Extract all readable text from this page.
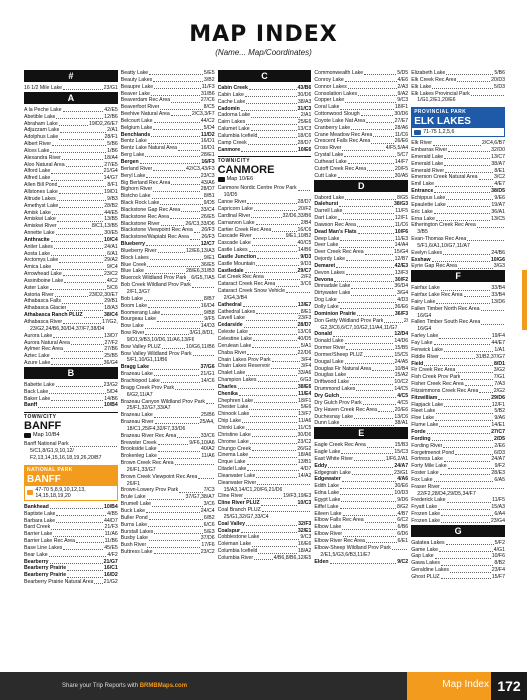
MAP INDEX
(Name... Map/Coordinates)
#
16 1/2 Mile Lake	23/G1
A
A la Peche Lake	42/E5
Abetible Lake	12/B6
Abraham Lake	19/D2,26/E7
Adjuzzam Lake	2/A1
Adolphus Lake	28/F1
Albert River	5/B6
Alces Lake	1/B6
Alexandra River	18/A4
Aloo Natural Area	27/E5
Alford Lake	21/G4
Alfred Lake	14/G7
Allen Bill Pond	8/F1
Allstones Lake	19/D1
Altrude Lakes	9/B3
Amethyst Lake	28/B2
Amisk Lake	44/E5
Amiskwi Lake	13/B5
Amiskwi River	8/C1,13/B5
Annette Lake	30/E5
Anthracite	10/C4
Antler Lakes	24/A1
Aosta Lake	6/A1
Arctomys Lake	29/A2
Amica Lake	9/C4
Arrowhead Lake	23/C2
Assiniboine Lake	4/C2
Aster Lake	5/C6
Astoria River	23/D2,30/E7
Athabasca Falls	29/B1
Athabasca Glacier	18/A3
Athabasca Ranch PLUZ	38/C4
Athabasca River	17/G2,
23/G2,24/B6,30/D4,37/F7,38/D4
Aurora Lake	13/D7
Aurora Natural Area	27/F2
Aylmer Rec Area	27/B6
Aztec Lake	25/B5
Azure Lake	36/G4
B
Babette Lake	23/G2
Back Lake	5/D4
Baker Lake	14/B6
Banff	10/B4
TOWN/CITY
BANFF
Map 10/B4
Banff National Park
5/C1,8/G1,9,10,12/
F2,13,14,15,16,18,19,26,20/B7
NATIONAL PARK
BANFF
47-70 5,8,9,10,12,13, 14,15,18,19,20
Bankhead	10/B4
Baptiste Lake	4/B5
Barbara Lake	44/D7
Bard Creek	21/F3
Barrier Lake	11/A6
Barrier Lake Rec Area	11/B6
Base Line Lakes	45/E5
Bear Lake	4/F2
Bearberry	21/G7
Bearberry Prairie	16/C1
Bearberry Prairie	16/D2
Bearberry Prairie Natural Area 21/G2
Beatty Lake	5/E5
Beauty Lakes	3/B2
Beaupre Lake	11/F3
Beaver Lake	31/B6
Beaverdam Rec Area	27/C6
Beaverfoot River	8/C5
Beehive Natural Area	2/C3,3/F7
Belcourt Lake	44/C2
Belgium Lake	5/D4
Benchlands	11/D2
Bentz Lake	16/D1
Bentz Lake Natural Area	16/D1
Berg Lake	28/E1
Bergen	16/F3
Berland River	42/C3,43/F3
Beryl Lake	23/C3
Big Berland Rec Area	43/A6
Bighorn River	28/D7
Bistcho Lake	8/B1
Black Rock Lake	9/D5
Blackstone Gap Rec Area	33/C4
Blackstone Rec Area	26/E5
Blackstone River	26/C3,33/D6
Blackstone Viewpoint Rec Area 26/F3
Blackstone/Wapiabi Rec Area 26/F3
Blueberry	12/C7
Blueberry River	12/E6,13/A3
Block Lakes	9/E1
Blue Creek	36/E5
Blue Lake	28/E6,31/B3
Bluerock Wildland Prov Park 6/G5,7/A5
Bob Creek Wildland Prov Park
2/F1,3/G7
Bob Lake	8/B7
Boom Lake	16/D4
Boomerang Lake	9/B8
Bourgeau Lake	9/F5
Bow Lake	14/D3
Bow River	3/G1,8/D1,
9/D1,9/B3,10/D6,11/A6,13/F6
Bow Valley PLUZ	10/G6,11/B6
Bow Valley Wildland Prov Park
5/F1,10/G1,11/B6
Bragg Lake	37/G6
Brazeau Lake	21/G1
Brachiopod Lake	14/C6
Bragg Creek Prov Park
6/G2,11/A7
Brazeau Canyon Wildland Prov Park
25/F1,32/G7,33/A7
Brazeau Lake	25/B6
Brazeau River	25/A4,
18/C1,25/F4,32/F7,33/D6
Brazeau River Rec Area	33/C6
Brewster Creek	9/F6,10/A6
Brookside Lake	40/A2
Brokenleg Lake	11/A6
Brown Creek Rec Area
26/F1,33/G7
Brown Creek Viewpoint Rec Area
26/F1
Brown-Lowery Prov Park	7/C3
Brule Lake	37/G7,38/A7
Brumell Lake	3/C6
Buck Lake	24/C4
Buller Pond	6/B2
Burns Lake	6/C6
Burstall Lakes	5/E3
Busby Lake	37/D6
Bush River	17/F6
Buttress Lake	23/C2
C
Cabin Creek	43/B6
Cabin Lake	30/D6
Cache Lake	38/A3
Cadomin	31/C3
Cadorna Lake	2/A1
Cairn Lakes	25/E6
Calumet Lake	13/C3
Calumbia Icefield	18/C6
Camp Creek	28/D7
Canmore	10/E6
TOWN/CITY
CANMORE
Map 10/E6
Canmore Nordic Centre Prov Park
10/D5
Canoe River	28/D7
Capricorn Lake	20/F2
Cardinal River	32/D6,33/B6
Carnarvon Lake	2/B4
Cartier Creek Rec Area	16/C6
Cascade River	9/E1,10/B2
Cascade Lake	40/C5
Castle Lakes	14/B6
Castle Junction	9/D3
Castle Mountain	9/D3
Castledale	29/C7
Cat Creek Rec Area	2/F2
Cataract Creek Rec Area	3/C6
Cataract Creek Snow Vehicle
2/G4,3/B4
Cathedral	13/E7
Cathedral Lakes	8/E1
Cavell Lake	23/F3
Cedarside	28/D7
Celeste Lake	13/C6
Celestine Lake	40/D5
Cerulean Lake	5/A1
Chaba River	22/D6
Chain Lakes Prov Park	3/F4
Chain Lakes Reservoir	3/F4
Chalet Lake	33/A6
Champion Lakes	6/G3
Charles	38/E6
Chenika	11/E4
Chephren Lake	18/F1
Chester Lake	5/E6
Chinook Lake	13/F7
Chip Lake	11/A6
Chinki Lake	11/C5
Christine Lake	30/D6
Chrome Lake	23/C2
Chungo Creek	26/G2
Cinema Lake	18/A6
Cirque Lake	13/B1
Citadel Lake	4/D7
Clearwater Lake	14/A2
Clearwater River
15/A3,14/C1,20/F6,21/D6
Cline River	19/F3,19/E3
Cline River PLUZ	10/C3
Coal Branch PLUZ
25/G1,32/G7,33/C4
Coal Valley	32/F3
Coalspur	32/E1
Cobblestone Lake	9/C3
Coleman Lake	16/E6
Columbia Icefield	18/A2
Columbia River	4/B6,8/B6,12/E5
Commonwealth Lake	5/D5
Conroy Lake	4/E6
Connor Lakes	2/A3
Consolation Lakes	9/A2
Copper Lake	9/C3
Coral Lake	18/F1
Cottonwood Slough	30/D6
Coyote Lake Nat Area	27/E7
Cranberry Lake	28/A6
Crane Meadow Rec Area	11/C6
Crescent Falls Rec Area	26/E6
Cross River	4/F5,5/A4
Crystal Lake	5/C7
Cuthead Lake	14/F7
Cutoff Creek Rec Area	20/F5
Cutt Lake	30/A5
D
Dabord Lake	8/G5
Dalehurst	38/G3
Darrell Lake	11/F5
Dart Lake	12/F1
Dawson Rec Area	11/C6
Dead Man's Flats	10/F6
Deep Lake	11/E3
Deer Lake	14/A4
Deer Creek Rec Area	15/G4
Dejordy Lake	12/B7
Demaret	42/E3
Devon Lakes	13/F3
Devona	30/F2
Dinnadale Lake	36/D4
Dirtywater Lake	3/G4
Dog Lake	4/D3
Dolly Lake	36/E6
Dominion Prairie	36/F3
Don Getty Wildland Prov Park	2/
G2,3/C6,6/C7,10/G2,11/A4,11/G7
Donald	12/D4
Donald Lake	14/D6
Dormer River	15/B5
Dormer/Sheep PLUZ	15/C5
Dougal Lake	24/A5
Douglas Fir Natural Area	10/B4
Douglas Lake	15/A2
Driftwood Lake	10/C2
Drummond Lakes	14/C5
Dry Gulch	4/C5
Dry Gulch Prov Park	4/C5
Dry Haven Creek Rec Area	20/E6
Duchesnay Lake	13/C6
Dunn Lake	38/A1
E
Eagle Creek Rec Area	15/B3
Eagle Lake	15/C3
East White River	1/F6,2/A1
Eddy	24/A7
Edgegrain Lake	23/G1
Edgewater	4/A6
Edith Lake	30/E6
Edna Lake	10/D3
Egypt Lake	9/D6
Eiffel Lake	8/G2
Eileen Lake	4/B7
Elbow Falls Rec Area	6/C2
Elbow Lake	6/B6
Elbow River	6/D6
Elbow River Rec Area	6/E1
Elbow-Sheep Wildland Prov Park
2/E1,5/G3,6/B3,11/E7
Elden	9/C2
Elizabeth Lake	5/B6
Elk Creek Rec Area	20/D3
Elk Lake	5/D3
Elk Lakes Provincial Park
1/G1,2/E1,20/E6
PROVINCIAL PARK
ELK LAKES
71-75 1,2,5,6
Elk River	2/C4,6/B7
Embarras River	32/D0
Emerald Lake	13/C7
Emerald Lake	38/A7
Emerald River	8/E1
Emerson Creek Natural Area	3/C2
Emil Lake	4/E7
Entrance	38/D5
Echippus Lake	9/E6
Epaulette Lake	19/A7
Eric Lake	36/A1
Erna Lake	13/C5
Etherington Creek Rec Area
3/B5
Evan-Thomas Rec Area
5/F1,6/A1,10/G7,11/A7
Evelyn Lakes	24/B6
Exshaw	10/G6
Eyrie Gap Rec Area	3/G3
F
Fairfax Lake	33/B4
Fairfax Lake Rec Area	33/B4
Fairy Lake	13/D6
Fallen Timber North Rec Area
16/G4
Fallen Timber South Rec Area
16/G4
Farley Lake	19/F4
Fay Lake	44/E7
Fenwick Lake	1/A1
Fiddle River	31/B2,37/G7
Field	8/D1
Fir Creek Rec Area	3/G2
Fish Creek Prov Park	7/G1
Fisher Creek Rec Area	7/A3
Fitzsimmons Creek Rec Area	2/G2
Fitzwilliam	29/D6
Flapjack Lake	12/F1
Fleet Lake	5/B2
Floe Lake	9/A6
Flume Lake	14/E1
Forde	27/C7
Fording	2/D5
Fording River	2/E6
Forgetmenot Pond	6/D3
Fortress Lake	24/A7
Forty Mile Lake	9/F2
Foster Lake	28/E3
Fox Lake	6/A5
Fraser River
22/F2,28/D4,29/D5,34/F7
Frederick Lake	11/F5
Fryatt Lake	15/A3
Frozen Lake	6/A4
Frozen Lake	23/G4
G
Galatea Lakes	5/F2
Game Lake	4/G1
Gap Lake	10/F6
Gawa Lakes	8/B2
Geraldine Lakes	23/F4
Ghost PLUZ	15/F7
Share your Trip Reports with BRMBMaps.com	Map Index 172
